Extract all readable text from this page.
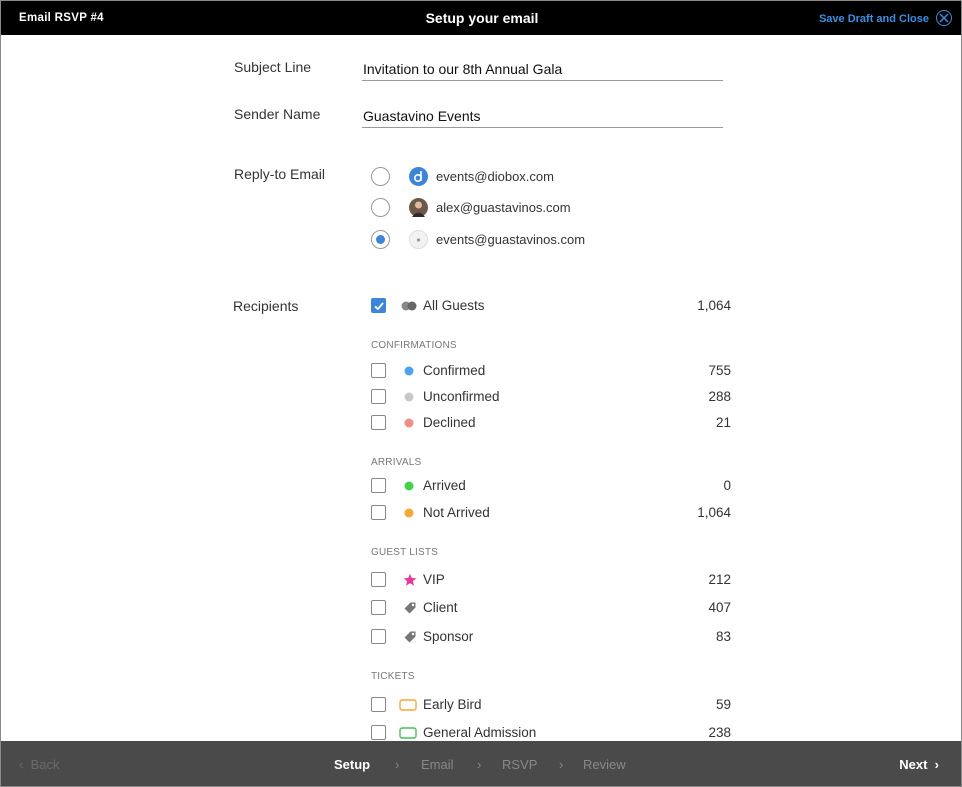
Email RSVP #4	Setup your email	Save Draft and Close
Subject Line
Invitation to our 8th Annual Gala
Sender Name
Guastavino Events
Reply-to Email	events@diobox.com
alex@guastavinos.com
events@guastavinos.com
Recipients	All Guests	1,064
CONFIRMATIONS
Confirmed	755
Unconfirmed	288
Declined	21
ARRIVALS
Arrived	0
Not Arrived	1,064
GUEST LISTS
VIP	212
Client	407
Sponsor	83
TICKETS
Early Bird	59
General Admission	238
‹ Back	Setup › Email › RSVP › Review	Next ›
